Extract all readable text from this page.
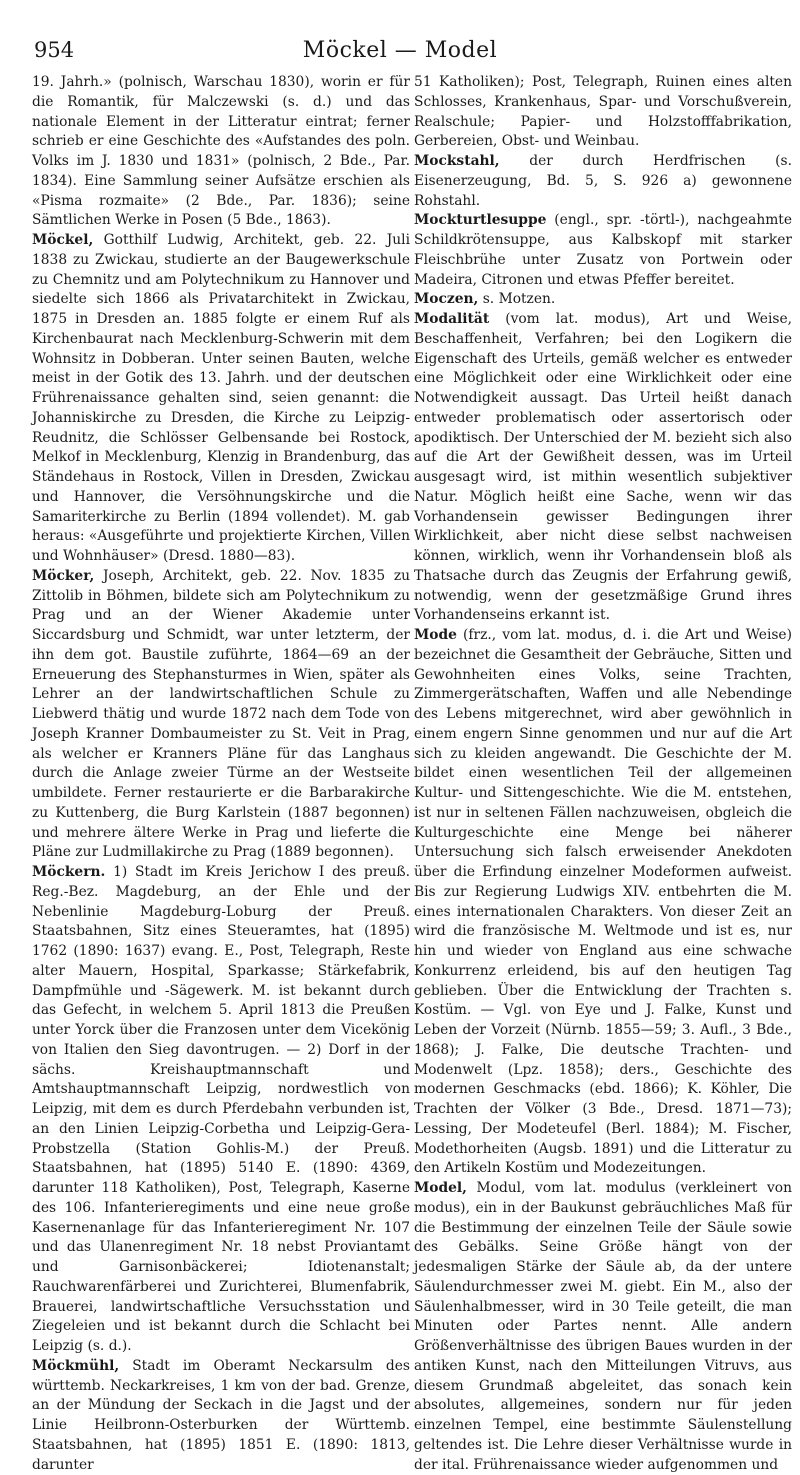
954	Möckel — Model

19. Jahrh.» (polnisch, Warschau 1830), worin er für die Romantik, für Malczewski (s. d.) und das nationale Element in der Litteratur eintrat; ferner schrieb er eine Geschichte des «Aufstandes des poln. Volks im J. 1830 und 1831» (polnisch, 2 Bde., Par. 1834). Eine Sammlung seiner Aufsätze erschien als «Pisma rozmaite» (2 Bde., Par. 1836); seine Sämtlichen Werke in Posen (5 Bde., 1863).

Möckel, Gotthilf Ludwig, Architekt, geb. 22. Juli 1838 zu Zwickau, studierte an der Baugewerkschule zu Chemnitz und am Polytechnikum zu Hannover und siedelte sich 1866 als Privatarchitekt in Zwickau, 1875 in Dresden an. 1885 folgte er einem Ruf als Kirchenbaurat nach Mecklenburg-Schwerin mit dem Wohnsitz in Dobberan. Unter seinen Bauten, welche meist in der Gotik des 13. Jahrh. und der deutschen Frührenaissance gehalten sind, seien genannt: die Johanniskirche zu Dresden, die Kirche zu Leipzig-Reudnitz, die Schlösser Gelbensande bei Rostock, Melkof in Mecklenburg, Klenzig in Brandenburg, das Ständehaus in Rostock, Villen in Dresden, Zwickau und Hannover, die Versöhnungskirche und die Samariterkirche zu Berlin (1894 vollendet). M. gab heraus: «Ausgeführte und projektierte Kirchen, Villen und Wohnhäuser» (Dresd. 1880—83).

Möcker, Joseph, Architekt, geb. 22. Nov. 1835 zu Zittolib in Böhmen, bildete sich am Polytechnikum zu Prag und an der Wiener Akademie unter Siccardsburg und Schmidt, war unter letzterm, der ihn dem got. Baustile zuführte, 1864—69 an der Erneuerung des Stephansturmes in Wien, später als Lehrer an der landwirtschaftlichen Schule zu Liebwerd thätig und wurde 1872 nach dem Tode von Joseph Kranner Dombaumeister zu St. Veit in Prag, als welcher er Kranners Pläne für das Langhaus durch die Anlage zweier Türme an der Westseite umbildete. Ferner restaurierte er die Barbarakirche zu Kuttenberg, die Burg Karlstein (1887 begonnen) und mehrere ältere Werke in Prag und lieferte die Pläne zur Ludmillakirche zu Prag (1889 begonnen).

Möckern. 1) Stadt im Kreis Jerichow I des preuß. Reg.-Bez. Magdeburg, an der Ehle und der Nebenlinie Magdeburg-Loburg der Preuß. Staatsbahnen, Sitz eines Steueramtes, hat (1895) 1762 (1890: 1637) evang. E., Post, Telegraph, Reste alter Mauern, Hospital, Sparkasse; Stärkefabrik, Dampfmühle und -Sägewerk. M. ist bekannt durch das Gefecht, in welchem 5. April 1813 die Preußen unter Yorck über die Franzosen unter dem Vicekönig von Italien den Sieg davontrugen. — 2) Dorf in der sächs. Kreishauptmannschaft und Amtshauptmannschaft Leipzig, nordwestlich von Leipzig, mit dem es durch Pferdebahn verbunden ist, an den Linien Leipzig-Corbetha und Leipzig-Gera-Probstzella (Station Gohlis-M.) der Preuß. Staatsbahnen, hat (1895) 5140 E. (1890: 4369, darunter 118 Katholiken), Post, Telegraph, Kaserne des 106. Infanterieregiments und eine neue große Kasernenanlage für das Infanterieregiment Nr. 107 und das Ulanenregiment Nr. 18 nebst Proviantamt und Garnisonbäckerei; Idiotenanstalt; Rauchwarenfärberei und Zurichterei, Blumenfabrik, Brauerei, landwirtschaftliche Versuchsstation und Ziegeleien und ist bekannt durch die Schlacht bei Leipzig (s. d.).

Möckmühl, Stadt im Oberamt Neckarsulm des württemb. Neckarkreises, 1 km von der bad. Grenze, an der Mündung der Seckach in die Jagst und der Linie Heilbronn-Osterburken der Württemb. Staatsbahnen, hat (1895) 1851 E. (1890: 1813, darunter

51 Katholiken); Post, Telegraph, Ruinen eines alten Schlosses, Krankenhaus, Spar- und Vorschußverein, Realschule; Papier- und Holzstofffabrikation, Gerbereien, Obst- und Weinbau.

Mockstahl, der durch Herdfrischen (s. Eisenerzeugung, Bd. 5, S. 926 a) gewonnene Rohstahl.

Mockturtlesuppe (engl., spr. -törtl-), nachgeahmte Schildkrötensuppe, aus Kalbskopf mit starker Fleischbrühe unter Zusatz von Portwein oder Madeira, Citronen und etwas Pfeffer bereitet.

Moczen, s. Motzen.

Modalität (vom lat. modus), Art und Weise, Beschaffenheit, Verfahren; bei den Logikern die Eigenschaft des Urteils, gemäß welcher es entweder eine Möglichkeit oder eine Wirklichkeit oder eine Notwendigkeit aussagt. Das Urteil heißt danach entweder problematisch oder assertorisch oder apodiktisch. Der Unterschied der M. bezieht sich also auf die Art der Gewißheit dessen, was im Urteil ausgesagt wird, ist mithin wesentlich subjektiver Natur. Möglich heißt eine Sache, wenn wir das Vorhandensein gewisser Bedingungen ihrer Wirklichkeit, aber nicht diese selbst nachweisen können, wirklich, wenn ihr Vorhandensein bloß als Thatsache durch das Zeugnis der Erfahrung gewiß, notwendig, wenn der gesetzmäßige Grund ihres Vorhandenseins erkannt ist.

Mode (frz., vom lat. modus, d. i. die Art und Weise) bezeichnet die Gesamtheit der Gebräuche, Sitten und Gewohnheiten eines Volks, seine Trachten, Zimmergerätschaften, Waffen und alle Nebendinge des Lebens mitgerechnet, wird aber gewöhnlich in einem engern Sinne genommen und nur auf die Art sich zu kleiden angewandt. Die Geschichte der M. bildet einen wesentlichen Teil der allgemeinen Kultur- und Sittengeschichte. Wie die M. entstehen, ist nur in seltenen Fällen nachzuweisen, obgleich die Kulturgeschichte eine Menge bei näherer Untersuchung sich falsch erweisender Anekdoten über die Erfindung einzelner Modeformen aufweist. Bis zur Regierung Ludwigs XIV. entbehrten die M. eines internationalen Charakters. Von dieser Zeit an wird die französische M. Weltmode und ist es, nur hin und wieder von England aus eine schwache Konkurrenz erleidend, bis auf den heutigen Tag geblieben. Über die Entwicklung der Trachten s. Kostüm. — Vgl. von Eye und J. Falke, Kunst und Leben der Vorzeit (Nürnb. 1855—59; 3. Aufl., 3 Bde., 1868); J. Falke, Die deutsche Trachten- und Modenwelt (Lpz. 1858); ders., Geschichte des modernen Geschmacks (ebd. 1866); K. Köhler, Die Trachten der Völker (3 Bde., Dresd. 1871—73); Lessing, Der Modeteufel (Berl. 1884); M. Fischer, Modethorheiten (Augsb. 1891) und die Litteratur zu den Artikeln Kostüm und Modezeitungen.

Model, Modul, vom lat. modulus (verkleinert von modus), ein in der Baukunst gebräuchliches Maß für die Bestimmung der einzelnen Teile der Säule sowie des Gebälks. Seine Größe hängt von der jedesmaligen Stärke der Säule ab, da der untere Säulendurchmesser zwei M. giebt. Ein M., also der Säulenhalbmesser, wird in 30 Teile geteilt, die man Minuten oder Partes nennt. Alle andern Größenverhältnisse des übrigen Baues wurden in der antiken Kunst, nach den Mitteilungen Vitruvs, aus diesem Grundmaß abgeleitet, das sonach kein absolutes, allgemeines, sondern nur für jeden einzelnen Tempel, eine bestimmte Säulenstellung geltendes ist. Die Lehre dieser Verhältnisse wurde in der ital. Frührenaissance wieder aufgenommen und
